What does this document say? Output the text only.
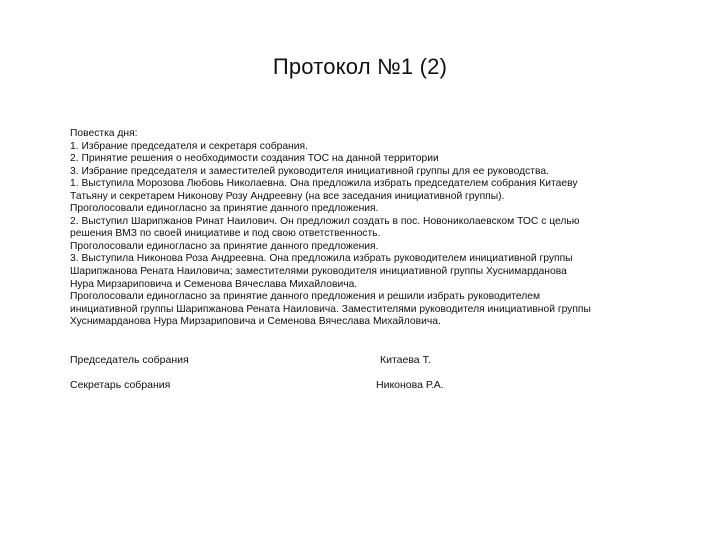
Протокол №1 (2)
Повестка дня:
1. Избрание председателя и секретаря собрания.
2. Принятие решения о необходимости создания ТОС на данной территории
3. Избрание председателя и заместителей руководителя инициативной группы для ее руководства.
1. Выступила Морозова Любовь Николаевна. Она предложила избрать председателем собрания Китаеву
Татьяну и секретарем Никонову Розу Андреевну (на все заседания инициативной группы).
Проголосовали единогласно за принятие данного предложения.
2. Выступил Шарипжанов Ринат Наилович. Он предложил создать в пос. Новониколаевском ТОС с целью
решения ВМЗ по своей инициативе и под свою ответственность.
Проголосовали единогласно за принятие данного предложения.
3. Выступила Никонова Роза Андреевна. Она предложила избрать руководителем инициативной группы
Шарипжанова Рената Наиловича; заместителями руководителя инициативной группы Хуснимарданова
Нура Мирзариповича и Семенова Вячеслава Михайловича.
Проголосовали единогласно за принятие данного предложения и решили избрать руководителем
инициативной группы Шарипжанова Рената Наиловича. Заместителями руководителя инициативной группы
Хуснимарданова Нура Мирзариповича и Семенова Вячеслава Михайловича.
Председатель собрания	Китаева Т.
Секретарь собрания	Никонова Р.А.
